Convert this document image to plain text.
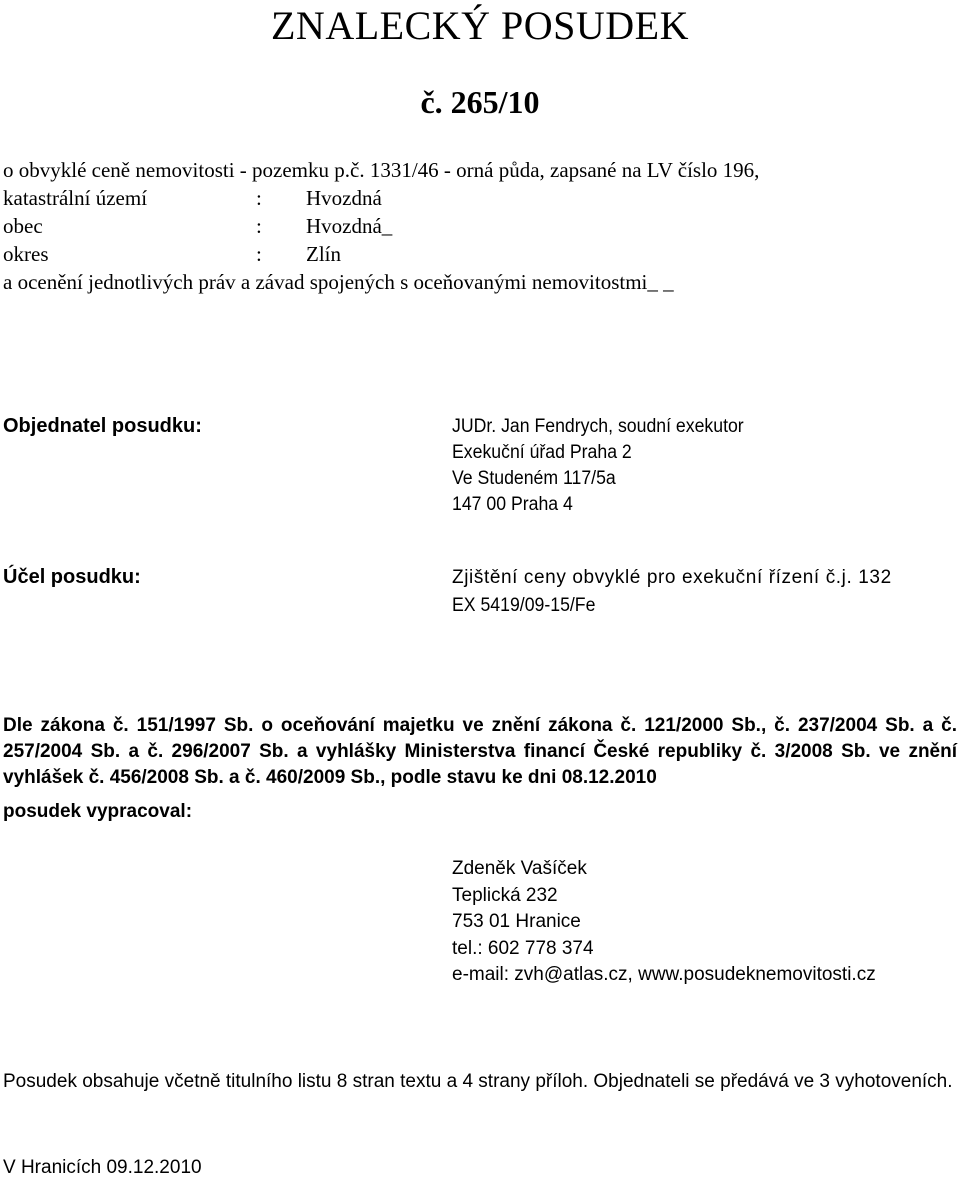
ZNALECKÝ POSUDEK
č. 265/10
o obvyklé ceně nemovitosti - pozemku p.č. 1331/46 - orná půda, zapsané na LV číslo 196,
katastrální území	: Hvozdná
obec	: Hvozdná_
okres	: Zlín
a ocenění jednotlivých práv a závad spojených s oceňovanými nemovitostmi_ _
Objednatel posudku:	JUDr. Jan Fendrych, soudní exekutor
Exekuční úřad Praha 2
Ve Studeném 117/5a
147 00 Praha 4
Účel posudku:	Zjištění ceny obvyklé pro exekuční řízení č.j. 132
EX 5419/09-15/Fe
Dle zákona č. 151/1997 Sb. o oceňování majetku ve znění zákona č. 121/2000 Sb., č. 237/2004 Sb. a č. 257/2004 Sb. a č. 296/2007 Sb. a vyhlášky Ministerstva financí České republiky č. 3/2008 Sb. ve znění vyhlášek č. 456/2008 Sb. a č. 460/2009 Sb., podle stavu ke dni 08.12.2010
posudek vypracoval:
Zdeněk Vašíček
Teplická 232
753 01 Hranice
tel.: 602 778 374
e-mail: zvh@atlas.cz, www.posudeknemovitosti.cz
Posudek obsahuje včetně titulního listu 8 stran textu a 4 strany příloh. Objednateli se předává ve 3 vyhotoveních.
V Hranicích 09.12.2010
